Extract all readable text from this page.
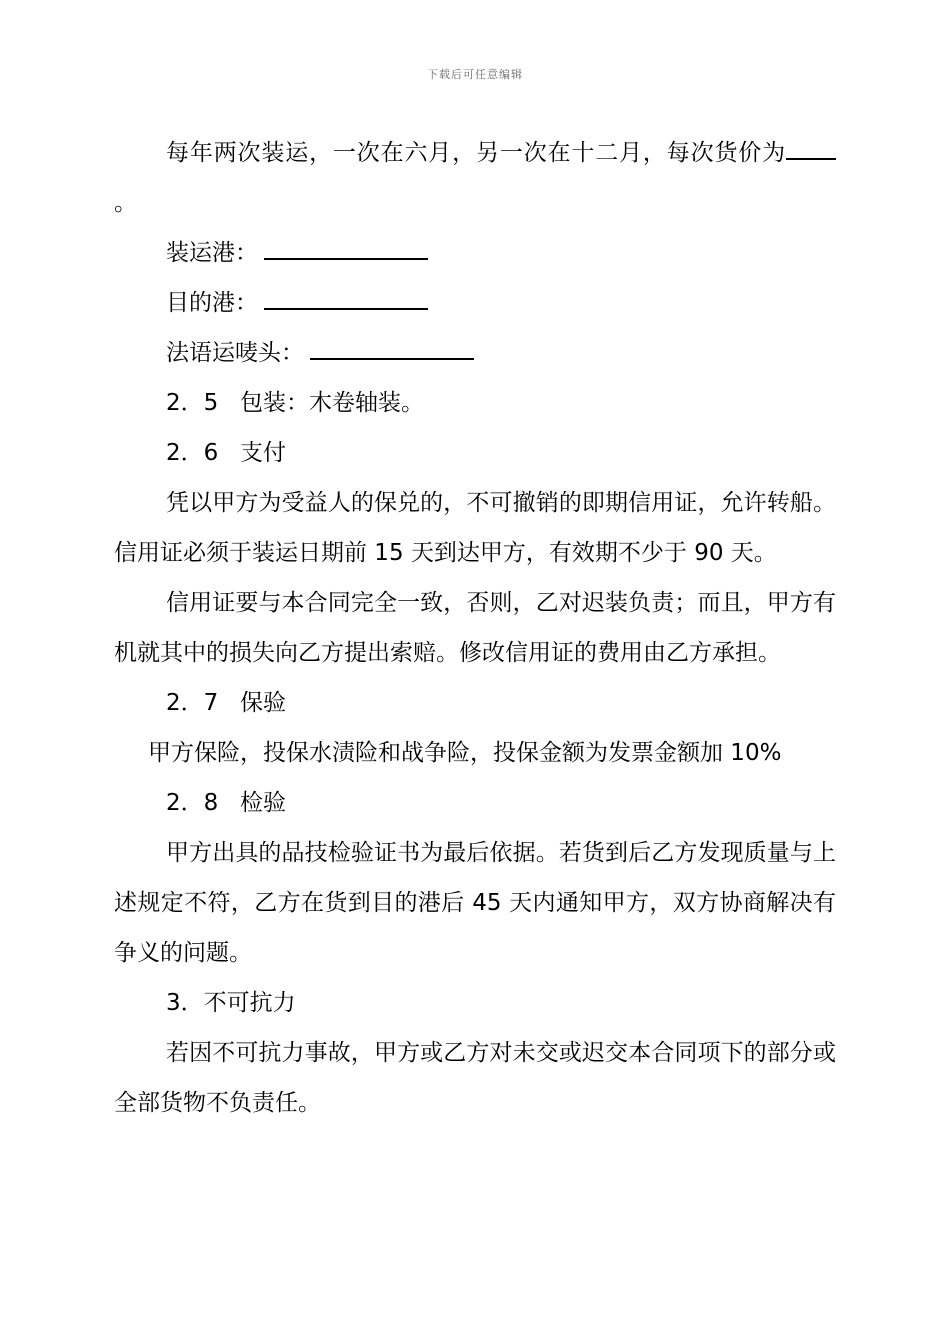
下载后可任意编辑

每年两次装运，一次在六月，另一次在十二月，每次货价为。

装运港：

目的港：

法语运唛头：

2．5 包装：木卷轴装。

2．6 支付

凭以甲方为受益人的保兑的，不可撤销的即期信用证，允许转船。信用证必须于装运日期前 15 天到达甲方，有效期不少于 90 天。

信用证要与本合同完全一致，否则，乙对迟装负责；而且，甲方有机就其中的损失向乙方提出索赔。修改信用证的费用由乙方承担。

2．7 保验

甲方保险，投保水渍险和战争险，投保金额为发票金额加 10%

2．8 检验

甲方出具的品技检验证书为最后依据。若货到后乙方发现质量与上述规定不符，乙方在货到目的港后 45 天内通知甲方，双方协商解决有争义的问题。

3．不可抗力

若因不可抗力事故，甲方或乙方对未交或迟交本合同项下的部分或全部货物不负责任。
